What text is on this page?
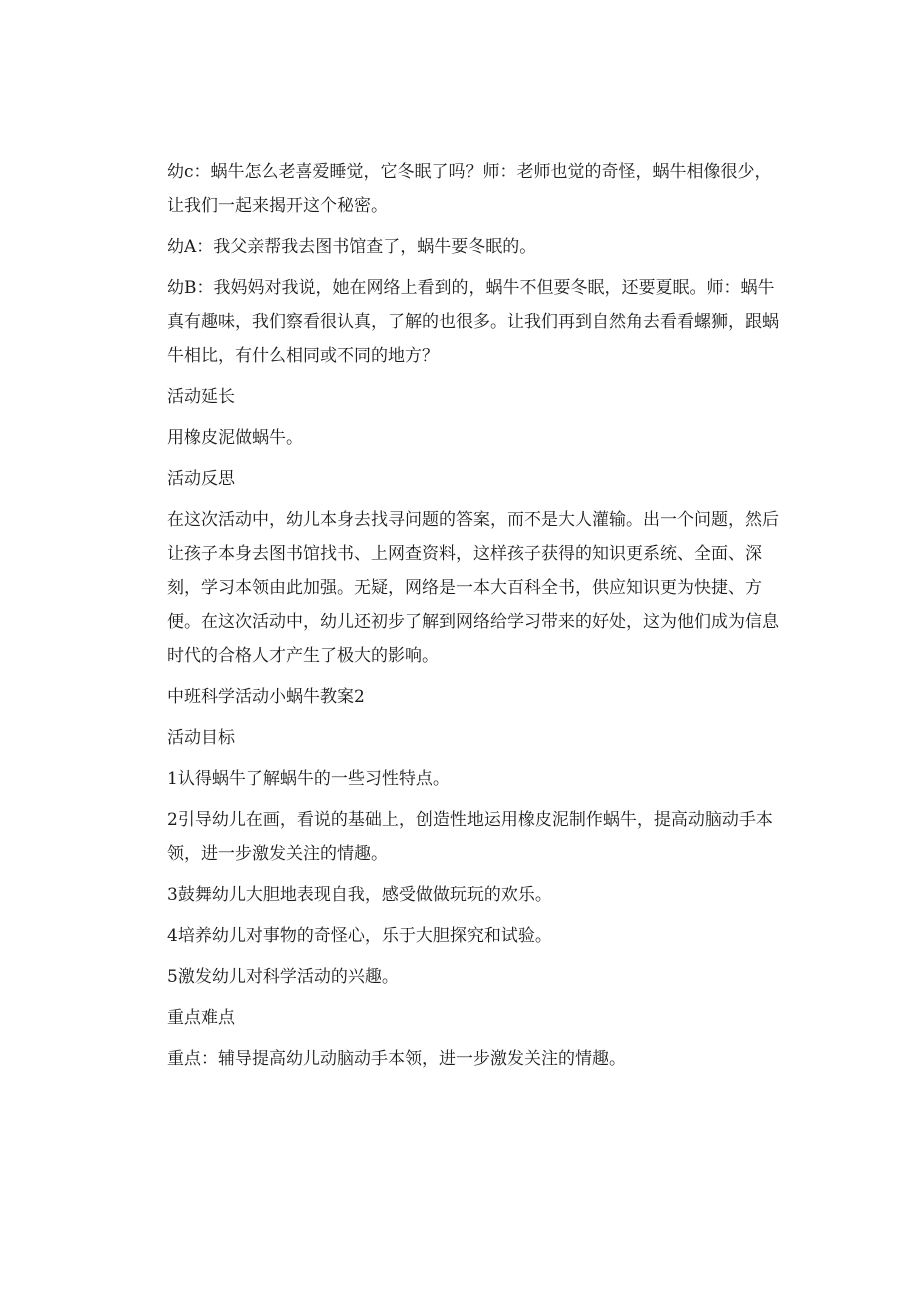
幼c：蜗牛怎么老喜爱睡觉，它冬眠了吗？师：老师也觉的奇怪，蜗牛相像很少，让我们一起来揭开这个秘密。

幼A：我父亲帮我去图书馆查了，蜗牛要冬眠的。

幼B：我妈妈对我说，她在网络上看到的，蜗牛不但要冬眠，还要夏眠。师：蜗牛真有趣味，我们察看很认真，了解的也很多。让我们再到自然角去看看螺狮，跟蜗牛相比，有什么相同或不同的地方？

活动延长

用橡皮泥做蜗牛。

活动反思

在这次活动中，幼儿本身去找寻问题的答案，而不是大人灌输。出一个问题，然后让孩子本身去图书馆找书、上网查资料，这样孩子获得的知识更系统、全面、深刻，学习本领由此加强。无疑，网络是一本大百科全书，供应知识更为快捷、方便。在这次活动中，幼儿还初步了解到网络给学习带来的好处，这为他们成为信息时代的合格人才产生了极大的影响。

中班科学活动小蜗牛教案2

活动目标

1认得蜗牛了解蜗牛的一些习性特点。

2引导幼儿在画，看说的基础上，创造性地运用橡皮泥制作蜗牛，提高动脑动手本领，进一步激发关注的情趣。

3鼓舞幼儿大胆地表现自我，感受做做玩玩的欢乐。

4培养幼儿对事物的奇怪心，乐于大胆探究和试验。

5激发幼儿对科学活动的兴趣。

重点难点

重点：辅导提高幼儿动脑动手本领，进一步激发关注的情趣。
